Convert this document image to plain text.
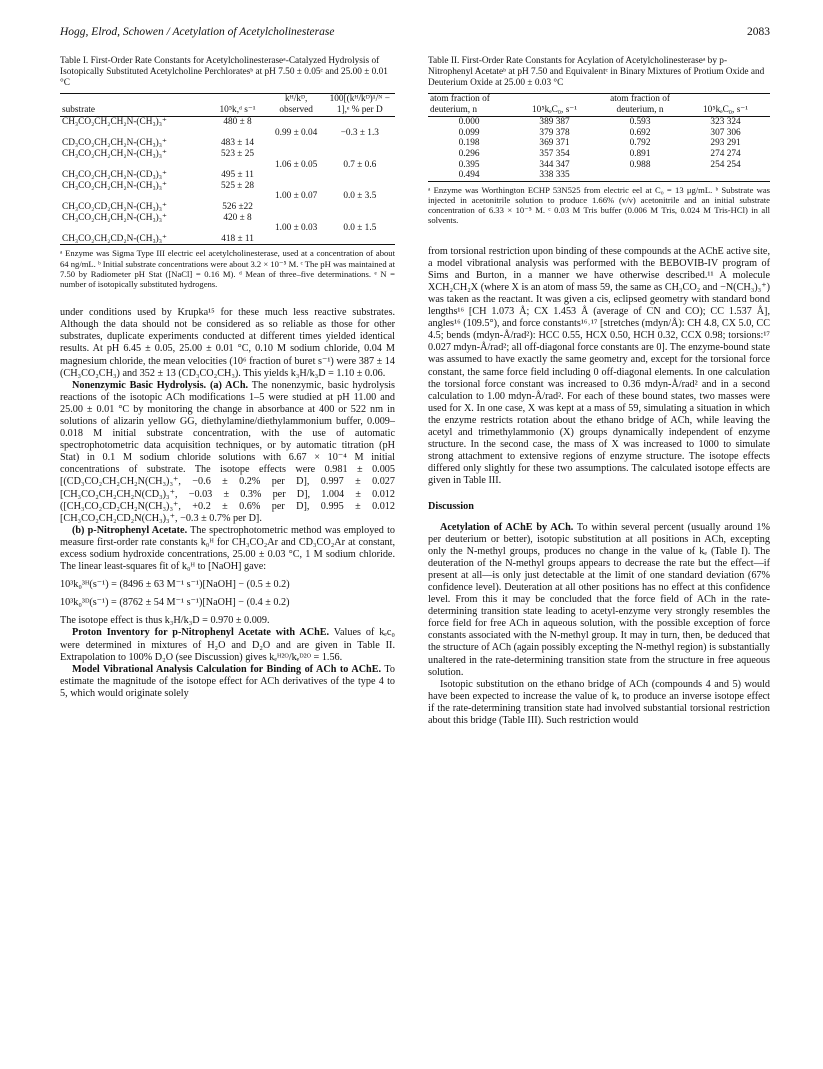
Hogg, Elrod, Schowen / Acetylation of Acetylcholinesterase	2083
Table I. First-Order Rate Constants for Acetylcholinesteraseᵃ-Catalyzed Hydrolysis of Isotopically Substituted Acetylcholine Perchloratesᵇ at pH 7.50 ± 0.05ᶜ and 25.00 ± 0.01 °C
substrate	10⁵k,ᵈ s⁻¹	kᴴ/kᴰ, observed	100[(kᴴ/kᴰ)¹/ᴺ − 1],ᵉ % per D
CH₃CO₂CH₂CH₂N-(CH₃)₃⁺	480 ± 8		
		0.99 ± 0.04	−0.3 ± 1.3
CD₃CO₂CH₂CH₂N-(CH₃)₃⁺	483 ± 14		
CH₃CO₂CH₂CH₂N-(CH₃)₃⁺	523 ± 25		
		1.06 ± 0.05	0.7 ± 0.6
CH₃CO₂CH₂CH₂N-(CD₃)₃⁺	495 ± 11		
CH₃CO₂CH₂CH₂N-(CH₃)₃⁺	525 ± 28		
		1.00 ± 0.07	0.0 ± 3.5
CH₃CO₂CD₂CH₂N-(CH₃)₃⁺	526 ±22		
CH₃CO₂CH₂CH₂N-(CH₃)₃⁺	420 ± 8		
		1.00 ± 0.03	0.0 ± 1.5
CH₃CO₂CH₂CD₂N-(CH₃)₃⁺	418 ± 11		
ᵃ Enzyme was Sigma Type III electric eel acetylcholinesterase, used at a concentration of about 64 ng/mL. ᵇ Initial substrate concentrations were about 3.2 × 10⁻⁵ M. ᶜ The pH was maintained at 7.50 by Radiometer pH Stat ([NaCl] = 0.16 M). ᵈ Mean of three–five determinations. ᵉ N = number of isotopically substituted hydrogens.

under conditions used by Krupka¹⁵ for these much less reactive substrates. Although the data should not be considered as so reliable as those for other substrates, duplicate experiments conducted at different times yielded identical results. At pH 6.45 ± 0.05, 25.00 ± 0.01 °C, 0.10 M sodium chloride, 0.04 M magnesium chloride, the mean velocities (10⁶ fraction of buret s⁻¹) were 387 ± 14 (CH₃CO₂CH₃) and 352 ± 13 (CD₃CO₂CH₃). This yields k₃H/k₃D = 1.10 ± 0.06.

Nonenzymic Basic Hydrolysis. (a) ACh. The nonenzymic, basic hydrolysis reactions of the isotopic ACh modifications 1–5 were studied at pH 11.00 and 25.00 ± 0.01 °C by monitoring the change in absorbance at 400 or 522 nm in solutions of alizarin yellow GG, diethylamine/diethylammonium buffer, 0.009–0.018 M initial substrate concentration, with the use of automatic spectrophotometric data acquisition techniques, or by automatic titration (pH Stat) in 0.1 M sodium chloride solutions with 6.67 × 10⁻⁴ M initial concentrations of substrate. The isotope effects were 0.981 ± 0.005 [(CD₃CO₂CH₂CH₂N(CH₃)₃⁺, −0.6 ± 0.2% per D], 0.997 ± 0.027 [CH₃CO₂CH₂CH₂N(CD₃)₃⁺, −0.03 ± 0.3% per D], 1.004 ± 0.012 ([CH₃CO₂CD₂CH₂N(CH₃)₃⁺, +0.2 ± 0.6% per D], 0.995 ± 0.012 [CH₃CO₂CH₂CD₂N(CH₃)₃⁺, −0.3 ± 0.7% per D].

(b) p-Nitrophenyl Acetate. The spectrophotometric method was employed to measure first-order rate constants k₀ᴴ for CH₃CO₂Ar and CD₃CO₂Ar at constant, excess sodium hydroxide concentrations, 25.00 ± 0.03 °C, 1 M sodium chloride. The linear least-squares fit of k₀ᴴ to [NaOH] gave:

10³k₀³ᴴ(s⁻¹) = (8496 ± 63 M⁻¹ s⁻¹)[NaOH] − (0.5 ± 0.2)
10³k₀³ᴰ(s⁻¹) = (8762 ± 54 M⁻¹ s⁻¹)[NaOH] − (0.4 ± 0.2)

The isotope effect is thus k₃H/k₃D = 0.970 ± 0.009.

Proton Inventory for p-Nitrophenyl Acetate with AChE. Values of kₑc₀ were determined in mixtures of H₂O and D₂O and are given in Table II. Extrapolation to 100% D₂O (see Discussion) gives kₑᴴ²ᴼ/kₑᴰ²ᴼ = 1.56.

Model Vibrational Analysis Calculation for Binding of ACh to AChE. To estimate the magnitude of the isotope effect for ACh derivatives of the type 4 to 5, which would originate solely

Table II. First-Order Rate Constants for Acylation of Acetylcholinesteraseᵃ by p-Nitrophenyl Acetateᵇ at pH 7.50 and Equivalentᶜ in Binary Mixtures of Protium Oxide and Deuterium Oxide at 25.00 ± 0.03 °C
atom fraction of deuterium, n	10⁵kₑC₀, s⁻¹	atom fraction of deuterium, n	10⁵kₑC₀, s⁻¹
0.000	389 387	0.593	323 324
0.099	379 378	0.692	307 306
0.198	369 371	0.792	293 291
0.296	357 354	0.891	274 274
0.395	344 347	0.988	254 254
0.494	338 335		
ᵃ Enzyme was Worthington ECHP 53N525 from electric eel at C₀ = 13 μg/mL. ᵇ Substrate was injected in acetonitrile solution to produce 1.66% (v/v) acetonitrile and an initial substrate concentration of 6.33 × 10⁻⁵ M. ᶜ 0.03 M Tris buffer (0.006 M Tris, 0.024 M Tris-HCl) in all solvents.

from torsional restriction upon binding of these compounds at the AChE active site, a model vibrational analysis was performed with the BEBOVIB-IV program of Sims and Burton, in a manner we have otherwise described.¹¹ A molecule XCH₂CH₂X (where X is an atom of mass 59, the same as CH₃CO₂ and −N(CH₃)₃⁺) was taken as the reactant. It was given a cis, eclipsed geometry with standard bond lengths¹⁶ [CH 1.073 Å; CX 1.453 Å (average of CN and CO); CC 1.537 Å], angles¹⁶ (109.5°), and force constants¹⁶˒¹⁷ [stretches (mdyn/Å): CH 4.8, CX 5.0, CC 4.5; bends (mdyn-Å/rad²): HCC 0.55, HCX 0.50, HCH 0.32, CCX 0.98; torsions:¹⁷ 0.027 mdyn-Å/rad²; all off-diagonal force constants are 0]. The enzyme-bound state was assumed to have exactly the same geometry and, except for the torsional force constant, the same force field including 0 off-diagonal elements. In one calculation the torsional force constant was increased to 0.36 mdyn-Å/rad² and in a second calculation to 1.00 mdyn-Å/rad². For each of these bound states, two masses were used for X. In one case, X was kept at a mass of 59, simulating a situation in which the enzyme restricts rotation about the ethano bridge of ACh, while leaving the acetyl and trimethylammonio (X) groups dynamically independent of enzyme structure. In the second case, the mass of X was increased to 1000 to simulate strong attachment to extensive regions of enzyme structure. The isotope effects differed only slightly for these two assumptions. The calculated isotope effects are given in Table III.

Discussion

Acetylation of AChE by ACh. To within several percent (usually around 1% per deuterium or better), isotopic substitution at all positions in ACh, excepting only the N-methyl groups, produces no change in the value of kₑ (Table I). The deuteration of the N-methyl groups appears to decrease the rate but the effect—if present at all—is only just detectable at the limit of one standard deviation (67% confidence level). Deuteration at all other positions has no effect at this confidence level. From this it may be concluded that the force field of ACh in the rate-determining transition state leading to acetyl-enzyme very strongly resembles the force field for free ACh in aqueous solution, with the possible exception of force constants associated with the N-methyl group. It may in turn, then, be deduced that the structure of ACh (again possibly excepting the N-methyl region) is substantially unaltered in the rate-determining transition state from the structure in free aqueous solution.

Isotopic substitution on the ethano bridge of ACh (compounds 4 and 5) would have been expected to increase the value of kₑ to produce an inverse isotope effect if the rate-determining transition state had involved substantial torsional restriction about this bridge (Table III). Such restriction would
